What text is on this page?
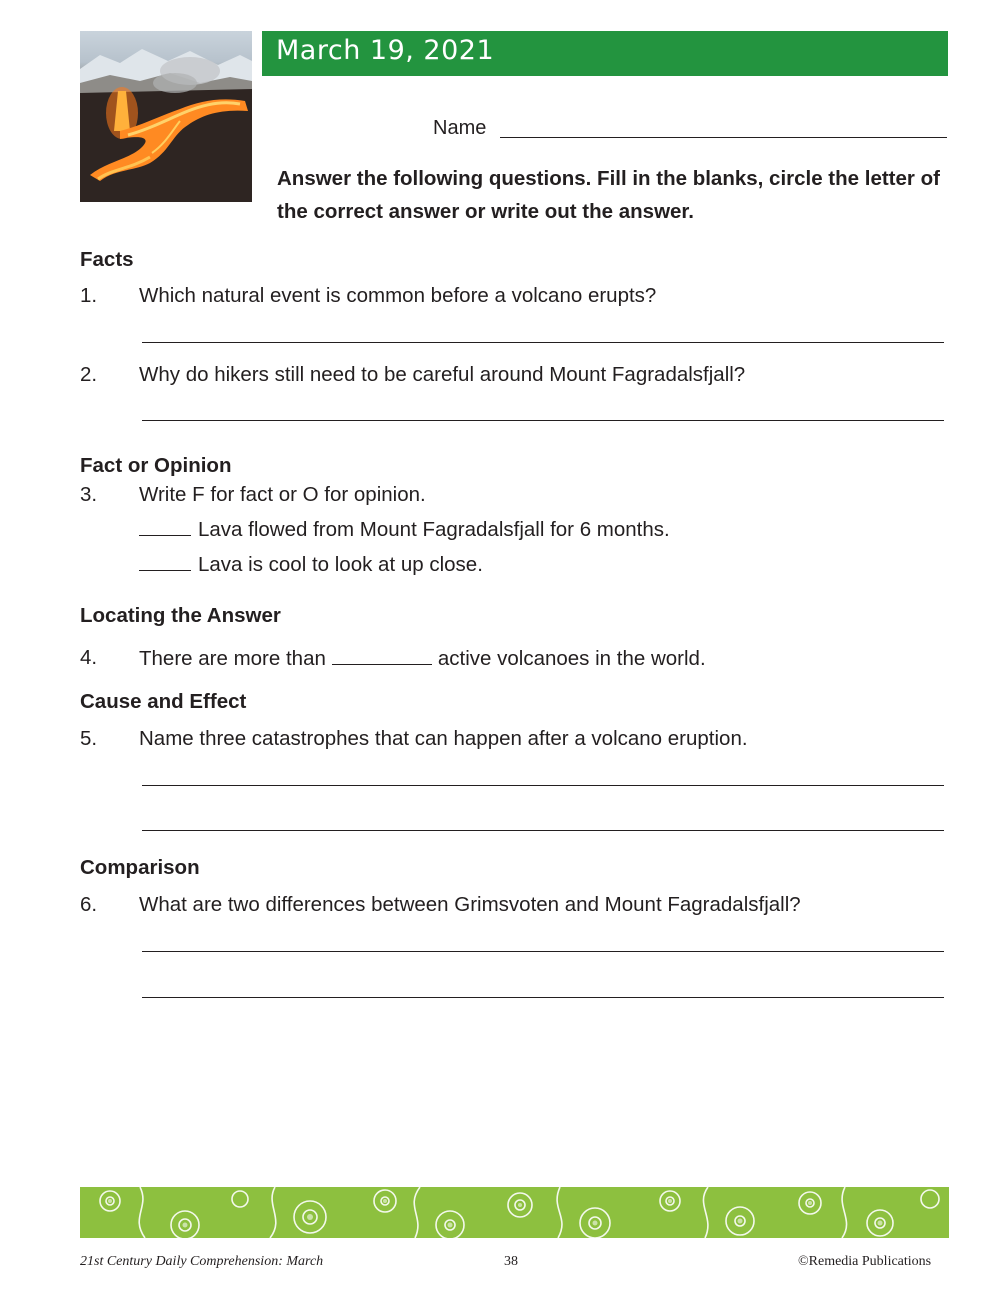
March 19, 2021
Name
Answer the following questions. Fill in the blanks, circle the letter of the correct answer or write out the answer.
Facts
1. Which natural event is common before a volcano erupts?
2. Why do hikers still need to be careful around Mount Fagradalsfjall?
Fact or Opinion
3. Write F for fact or O for opinion.
Lava flowed from Mount Fagradalsfjall for 6 months.
Lava is cool to look at up close.
Locating the Answer
4. There are more than	active volcanoes in the world.
Cause and Effect
5. Name three catastrophes that can happen after a volcano eruption.
Comparison
6. What are two differences between Grimsvoten and Mount Fagradalsfjall?
21st Century Daily Comprehension: March	38	©Remedia Publications
